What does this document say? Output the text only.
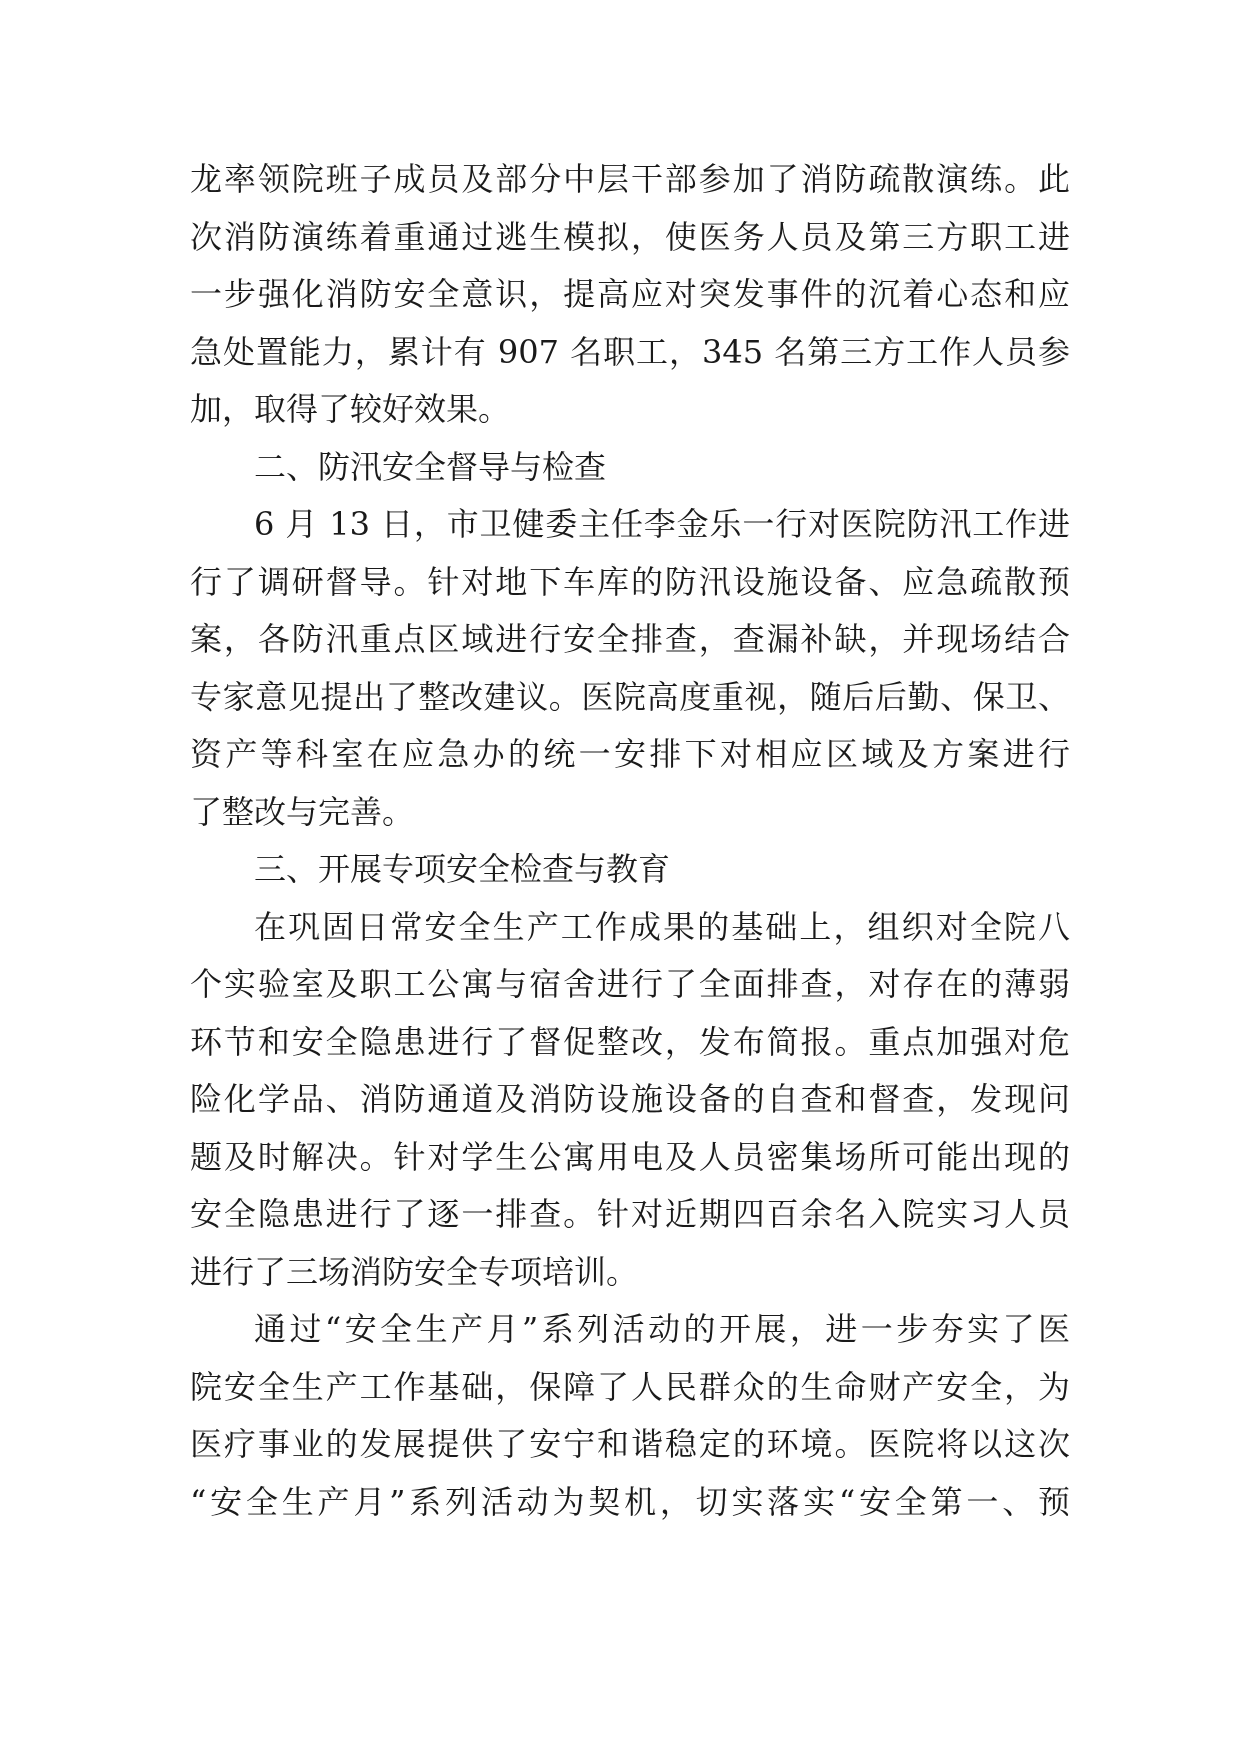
龙率领院班子成员及部分中层干部参加了消防疏散演练。此
次消防演练着重通过逃生模拟，使医务人员及第三方职工进
一步强化消防安全意识，提高应对突发事件的沉着心态和应
急处置能力，累计有 907 名职工，345 名第三方工作人员参
加，取得了较好效果。
二、防汛安全督导与检查
6 月 13 日，市卫健委主任李金乐一行对医院防汛工作进
行了调研督导。针对地下车库的防汛设施设备、应急疏散预
案，各防汛重点区域进行安全排查，查漏补缺，并现场结合
专家意见提出了整改建议。医院高度重视，随后后勤、保卫、
资产等科室在应急办的统一安排下对相应区域及方案进行
了整改与完善。
三、开展专项安全检查与教育
在巩固日常安全生产工作成果的基础上，组织对全院八
个实验室及职工公寓与宿舍进行了全面排查，对存在的薄弱
环节和安全隐患进行了督促整改，发布简报。重点加强对危
险化学品、消防通道及消防设施设备的自查和督查，发现问
题及时解决。针对学生公寓用电及人员密集场所可能出现的
安全隐患进行了逐一排查。针对近期四百余名入院实习人员
进行了三场消防安全专项培训。
通过“安全生产月”系列活动的开展，进一步夯实了医
院安全生产工作基础，保障了人民群众的生命财产安全，为
医疗事业的发展提供了安宁和谐稳定的环境。医院将以这次
“安全生产月”系列活动为契机，切实落实“安全第一、预
